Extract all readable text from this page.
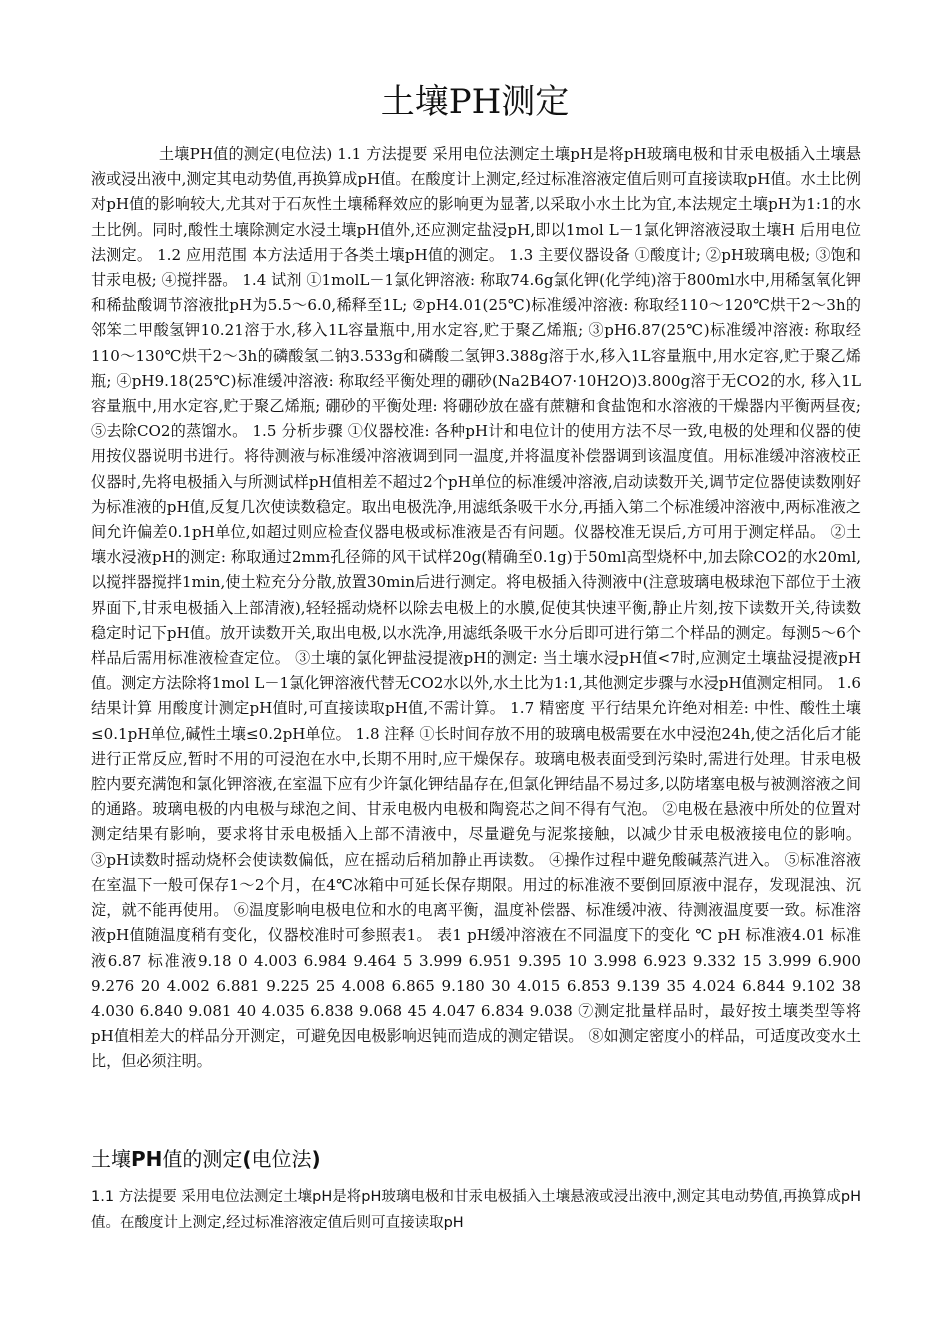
土壤PH测定

土壤PH值的测定(电位法) 1.1 方法提要 采用电位法测定土壤pH是将pH玻璃电极和甘汞电极插入土壤悬液或浸出液中,测定其电动势值,再换算成pH值。在酸度计上测定,经过标准溶液定值后则可直接读取pH值。水土比例对pH值的影响较大,尤其对于石灰性土壤稀释效应的影响更为显著,以采取小水土比为宜,本法规定土壤pH为1:1的水土比例。同时,酸性土壤除测定水浸土壤pH值外,还应测定盐浸pH,即以1mol L－1氯化钾溶液浸取土壤H 后用电位法测定。 1.2 应用范围 本方法适用于各类土壤pH值的测定。 1.3 主要仪器设备 ①酸度计; ②pH玻璃电极; ③饱和甘汞电极; ④搅拌器。 1.4 试剂 ①1molL－1氯化钾溶液: 称取74.6g氯化钾(化学纯)溶于800ml水中,用稀氢氧化钾和稀盐酸调节溶液批pH为5.5～6.0,稀释至1L; ②pH4.01(25℃)标准缓冲溶液: 称取经110～120℃烘干2～3h的邻笨二甲酸氢钾10.21溶于水,移入1L容量瓶中,用水定容,贮于聚乙烯瓶; ③pH6.87(25℃)标准缓冲溶液: 称取经110～130℃烘干2～3h的磷酸氢二钠3.533g和磷酸二氢钾3.388g溶于水,移入1L容量瓶中,用水定容,贮于聚乙烯瓶; ④pH9.18(25℃)标准缓冲溶液: 称取经平衡处理的硼砂(Na2B4O7·10H2O)3.800g溶于无CO2的水, 移入1L容量瓶中,用水定容,贮于聚乙烯瓶; 硼砂的平衡处理: 将硼砂放在盛有蔗糖和食盐饱和水溶液的干燥器内平衡两昼夜; ⑤去除CO2的蒸馏水。 1.5 分析步骤 ①仪器校准: 各种pH计和电位计的使用方法不尽一致,电极的处理和仪器的使用按仪器说明书进行。将待测液与标准缓冲溶液调到同一温度,并将温度补偿器调到该温度值。用标准缓冲溶液校正仪器时,先将电极插入与所测试样pH值相差不超过2个pH单位的标准缓冲溶液,启动读数开关,调节定位器使读数刚好为标准液的pH值,反复几次使读数稳定。取出电极洗净,用滤纸条吸干水分,再插入第二个标准缓冲溶液中,两标准液之间允许偏差0.1pH单位,如超过则应检查仪器电极或标准液是否有问题。仪器校准无误后,方可用于测定样品。 ②土壤水浸液pH的测定: 称取通过2mm孔径筛的风干试样20g(精确至0.1g)于50ml高型烧杯中,加去除CO2的水20ml,以搅拌器搅拌1min,使土粒充分分散,放置30min后进行测定。将电极插入待测液中(注意玻璃电极球泡下部位于土液界面下,甘汞电极插入上部清液),轻轻摇动烧杯以除去电极上的水膜,促使其快速平衡,静止片刻,按下读数开关,待读数稳定时记下pH值。放开读数开关,取出电极,以水洗净,用滤纸条吸干水分后即可进行第二个样品的测定。每测5～6个样品后需用标准液检查定位。 ③土壤的氯化钾盐浸提液pH的测定: 当土壤水浸pH值<7时,应测定土壤盐浸提液pH值。测定方法除将1mol L－1氯化钾溶液代替无CO2水以外,水土比为1:1,其他测定步骤与水浸pH值测定相同。 1.6 结果计算 用酸度计测定pH值时,可直接读取pH值,不需计算。 1.7 精密度 平行结果允许绝对相差: 中性、酸性土壤≤0.1pH单位,碱性土壤≤0.2pH单位。 1.8 注释 ①长时间存放不用的玻璃电极需要在水中浸泡24h,使之活化后才能进行正常反应,暂时不用的可浸泡在水中,长期不用时,应干燥保存。玻璃电极表面受到污染时,需进行处理。甘汞电极腔内要充满饱和氯化钾溶液,在室温下应有少许氯化钾结晶存在,但氯化钾结晶不易过多,以防堵塞电极与被测溶液之间的通路。玻璃电极的内电极与球泡之间、甘汞电极内电极和陶瓷芯之间不得有气泡。 ②电极在悬液中所处的位置对测定结果有影响，要求将甘汞电极插入上部不清液中，尽量避免与泥浆接触，以减少甘汞电极液接电位的影响。 ③pH读数时摇动烧杯会使读数偏低，应在摇动后稍加静止再读数。 ④操作过程中避免酸碱蒸汽进入。 ⑤标准溶液在室温下一般可保存1～2个月，在4℃冰箱中可延长保存期限。用过的标准液不要倒回原液中混存，发现混浊、沉淀，就不能再使用。 ⑥温度影响电极电位和水的电离平衡，温度补偿器、标准缓冲液、待测液温度要一致。标准溶液pH值随温度稍有变化，仪器校准时可参照表1。 表1 pH缓冲溶液在不同温度下的变化 ℃ pH 标准液4.01 标准液6.87 标准液9.18 0 4.003 6.984 9.464 5 3.999 6.951 9.395 10 3.998 6.923 9.332 15 3.999 6.900 9.276 20 4.002 6.881 9.225 25 4.008 6.865 9.180 30 4.015 6.853 9.139 35 4.024 6.844 9.102 38 4.030 6.840 9.081 40 4.035 6.838 9.068 45 4.047 6.834 9.038 ⑦测定批量样品时，最好按土壤类型等将pH值相差大的样品分开测定，可避免因电极影响迟钝而造成的测定错误。 ⑧如测定密度小的样品，可适度改变水土比，但必须注明。

土壤PH值的测定(电位法)

1.1 方法提要 采用电位法测定土壤pH是将pH玻璃电极和甘汞电极插入土壤悬液或浸出液中,测定其电动势值,再换算成pH值。在酸度计上测定,经过标准溶液定值后则可直接读取pH
